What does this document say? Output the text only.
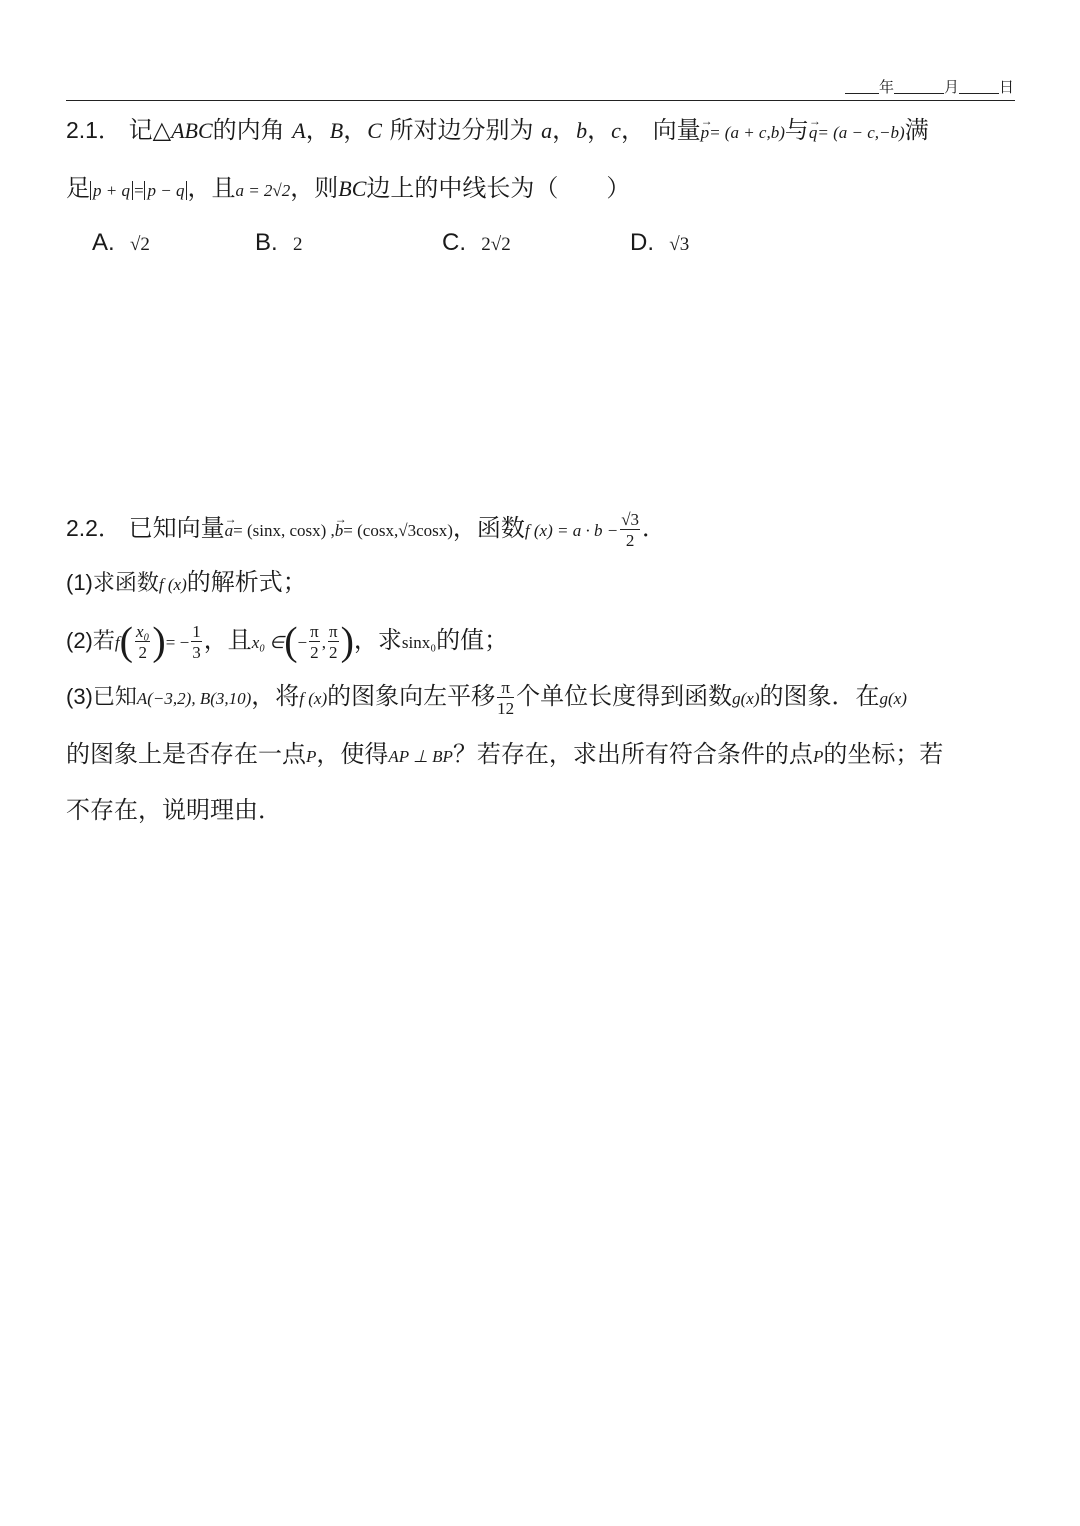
年	月	日
2.1． 记△ABC的内角 A，B，C 所对边分别为 a，b，c， 向量→ p= (a + c,b)与→ q= (a − c,−b)满
足 p + q = p − q ，且a = 2√2，则BC边上的中线长为（　　）
A. √2	B. 2	C. 2√2	D. √3
2.2． 已知向量→ a= (sinx, cosx) ,→ b= (cosx,√3cosx)，函数f $(x) = a \cdot b - \frac{√3}{2}$ ．
(1)求函数f (x)的解析式；
(2)若$f( \frac{\text{x₀}}{2}$ )= − $\frac{1}{3}$ ，且x₀ ∈(− $\frac{\pi}{2}$ , $\frac{\pi}{2}$ )，求sinx₀的值；
(3)已知A(−3,2), B(3,10)，将f (x)的图象向左平移 $\frac{\pi}{12}$ 个单位长度得到函数g(x)的图象．在g(x)
的图象上是否存在一点P，使得AP ⊥ BP？若存在，求出所有符合条件的点P的坐标；若
不存在，说明理由．
